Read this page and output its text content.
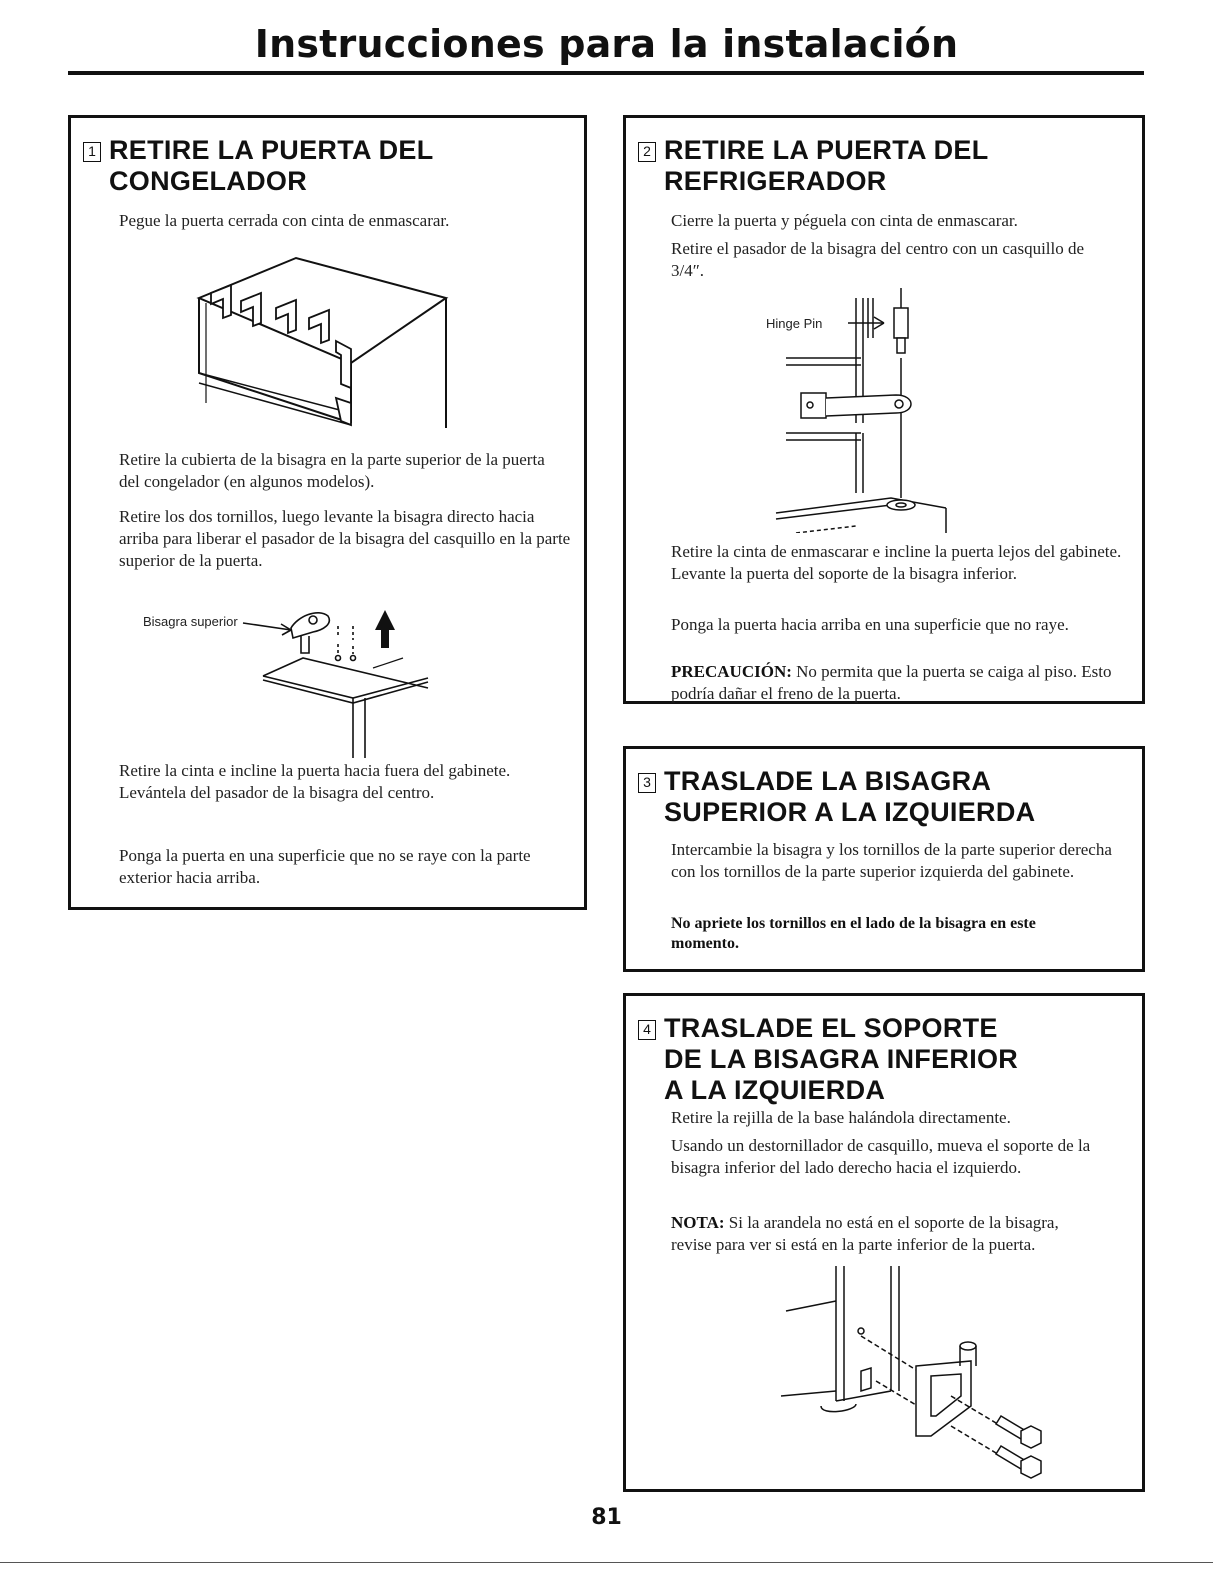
Instrucciones para la instalación
1 RETIRE LA PUERTA DEL
CONGELADOR

Pegue la puerta cerrada con cinta de enmascarar.

Retire la cubierta de la bisagra en la parte superior de la puerta del congelador (en algunos modelos).

Retire los dos tornillos, luego levante la bisagra directo hacia arriba para liberar el pasador de la bisagra del casquillo en la parte superior de la puerta.

Bisagra superior

Retire la cinta e incline la puerta hacia fuera del gabinete. Levántela del pasador de la bisagra del centro.

Ponga la puerta en una superficie que no se raye con la parte exterior hacia arriba.

2 RETIRE LA PUERTA DEL
REFRIGERADOR

Cierre la puerta y péguela con cinta de enmascarar.

Retire el pasador de la bisagra del centro con un casquillo de 3/4″.

Hinge Pin

Retire la cinta de enmascarar e incline la puerta lejos del gabinete. Levante la puerta del soporte de la bisagra inferior.

Ponga la puerta hacia arriba en una superficie que no raye.

PRECAUCIÓN: No permita que la puerta se caiga al piso. Esto podría dañar el freno de la puerta.

3 TRASLADE LA BISAGRA
SUPERIOR A LA IZQUIERDA

Intercambie la bisagra y los tornillos de la parte superior derecha con los tornillos de la parte superior izquierda del gabinete.

No apriete los tornillos en el lado de la bisagra en este momento.

4 TRASLADE EL SOPORTE
DE LA BISAGRA INFERIOR
A LA IZQUIERDA

Retire la rejilla de la base halándola directamente.

Usando un destornillador de casquillo, mueva el soporte de la bisagra inferior del lado derecho hacia el izquierdo.

NOTA: Si la arandela no está en el soporte de la bisagra, revise para ver si está en la parte inferior de la puerta.

81
